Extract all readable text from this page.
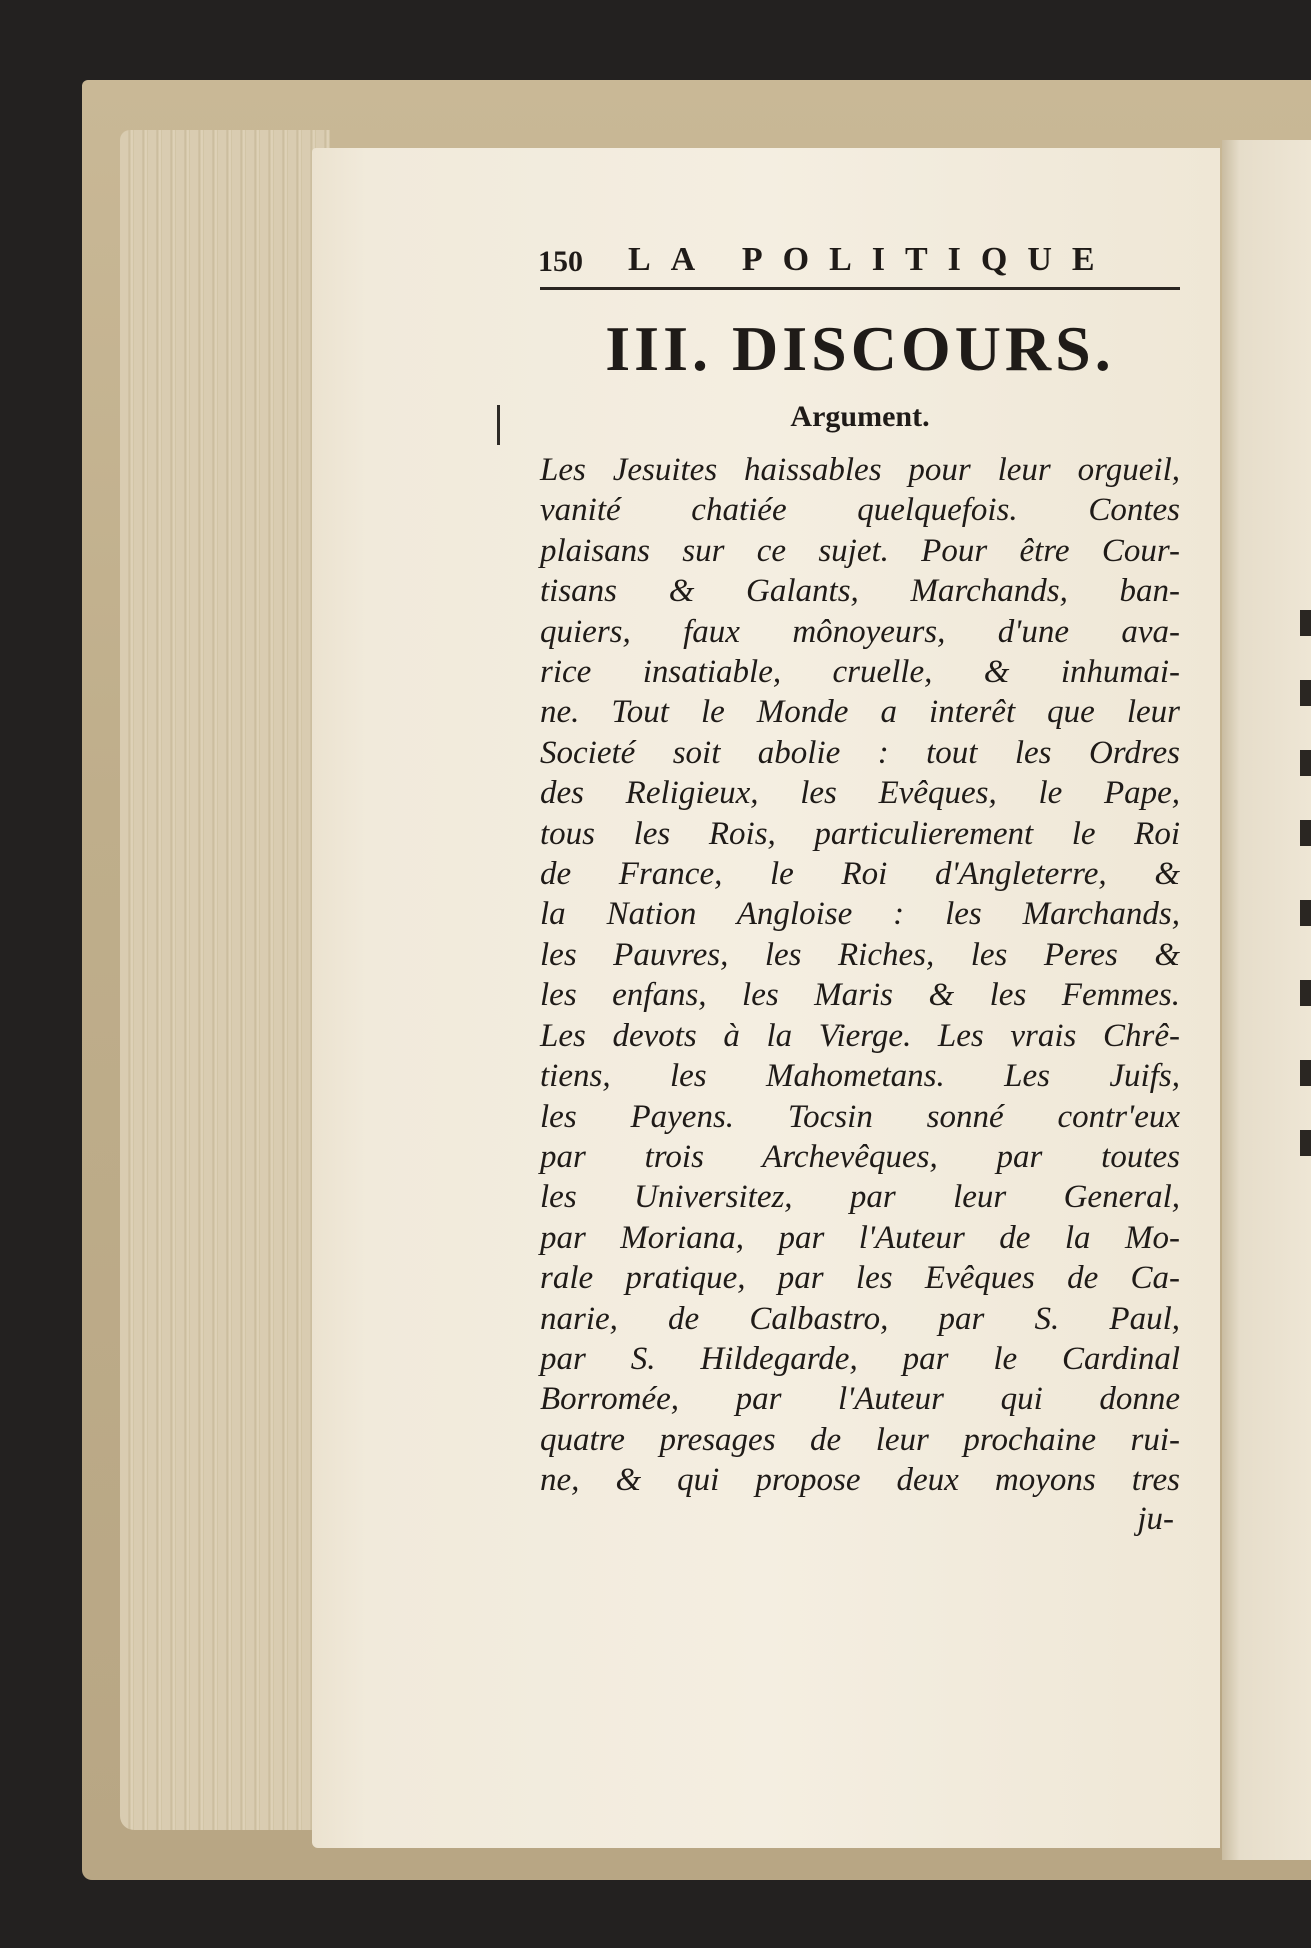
150	LA POLITIQUE
III. DISCOURS.
Argument.
Les Jesuites haissables pour leur orgueil,
vanité chatiée quelquefois. Contes
plaisans sur ce sujet. Pour être Cour-
tisans & Galants, Marchands, ban-
quiers, faux mônoyeurs, d'une ava-
rice insatiable, cruelle, & inhumai-
ne. Tout le Monde a interêt que leur
Societé soit abolie : tout les Ordres
des Religieux, les Evêques, le Pape,
tous les Rois, particulierement le Roi
de France, le Roi d'Angleterre, &
la Nation Angloise : les Marchands,
les Pauvres, les Riches, les Peres &
les enfans, les Maris & les Femmes.
Les devots à la Vierge. Les vrais Chrê-
tiens, les Mahometans. Les Juifs,
les Payens. Tocsin sonné contr'eux
par trois Archevêques, par toutes
les Universitez, par leur General,
par Moriana, par l'Auteur de la Mo-
rale pratique, par les Evêques de Ca-
narie, de Calbastro, par S. Paul,
par S. Hildegarde, par le Cardinal
Borromée, par l'Auteur qui donne
quatre presages de leur prochaine rui-
ne, & qui propose deux moyons tres
ju-
